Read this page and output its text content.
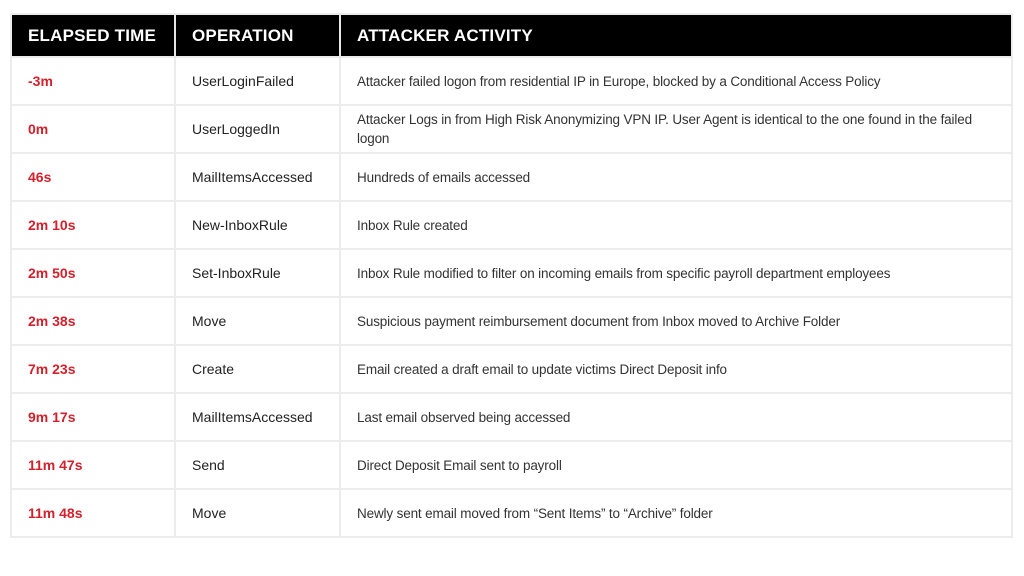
ELAPSED TIME	OPERATION	ATTACKER ACTIVITY
-3m	UserLoginFailed	Attacker failed logon from residential IP in Europe, blocked by a Conditional Access Policy
0m	UserLoggedIn	Attacker Logs in from High Risk Anonymizing VPN IP. User Agent is identical to the one found in the failed logon
46s	MailItemsAccessed	Hundreds of emails accessed
2m 10s	New-InboxRule	Inbox Rule created
2m 50s	Set-InboxRule	Inbox Rule modified to filter on incoming emails from specific payroll department employees
2m 38s	Move	Suspicious payment reimbursement document from Inbox moved to Archive Folder
7m 23s	Create	Email created a draft email to update victims Direct Deposit info
9m 17s	MailItemsAccessed	Last email observed being accessed
11m 47s	Send	Direct Deposit Email sent to payroll
11m 48s	Move	Newly sent email moved from “Sent Items” to “Archive” folder
